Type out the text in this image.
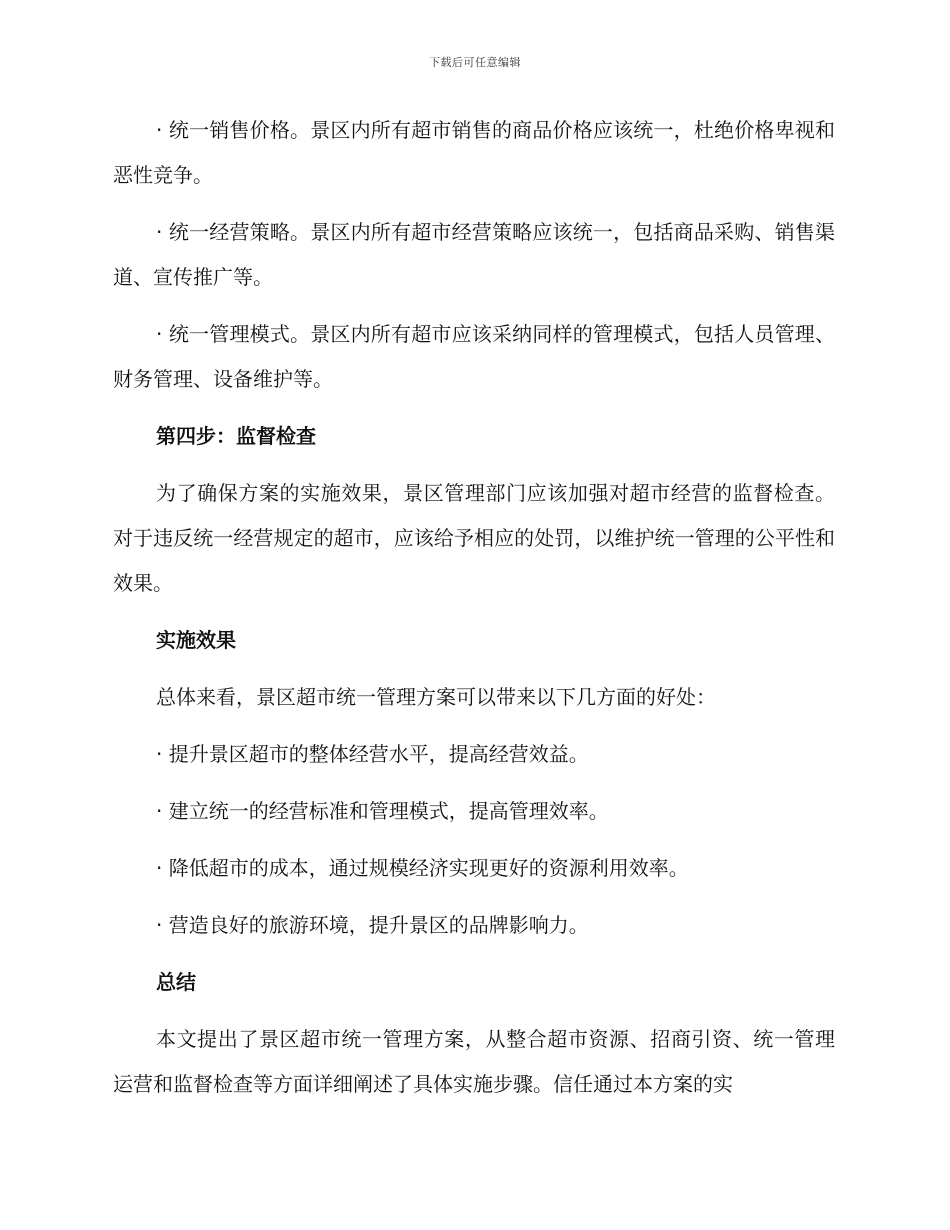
下载后可任意编辑

· 统一销售价格。景区内所有超市销售的商品价格应该统一，杜绝价格卑视和恶性竞争。

· 统一经营策略。景区内所有超市经营策略应该统一，包括商品采购、销售渠道、宣传推广等。

· 统一管理模式。景区内所有超市应该采纳同样的管理模式，包括人员管理、财务管理、设备维护等。

第四步：监督检查

为了确保方案的实施效果，景区管理部门应该加强对超市经营的监督检查。对于违反统一经营规定的超市，应该给予相应的处罚，以维护统一管理的公平性和效果。

实施效果

总体来看，景区超市统一管理方案可以带来以下几方面的好处：

· 提升景区超市的整体经营水平，提高经营效益。

· 建立统一的经营标准和管理模式，提高管理效率。

· 降低超市的成本，通过规模经济实现更好的资源利用效率。

· 营造良好的旅游环境，提升景区的品牌影响力。

总结

本文提出了景区超市统一管理方案，从整合超市资源、招商引资、统一管理运营和监督检查等方面详细阐述了具体实施步骤。信任通过本方案的实
